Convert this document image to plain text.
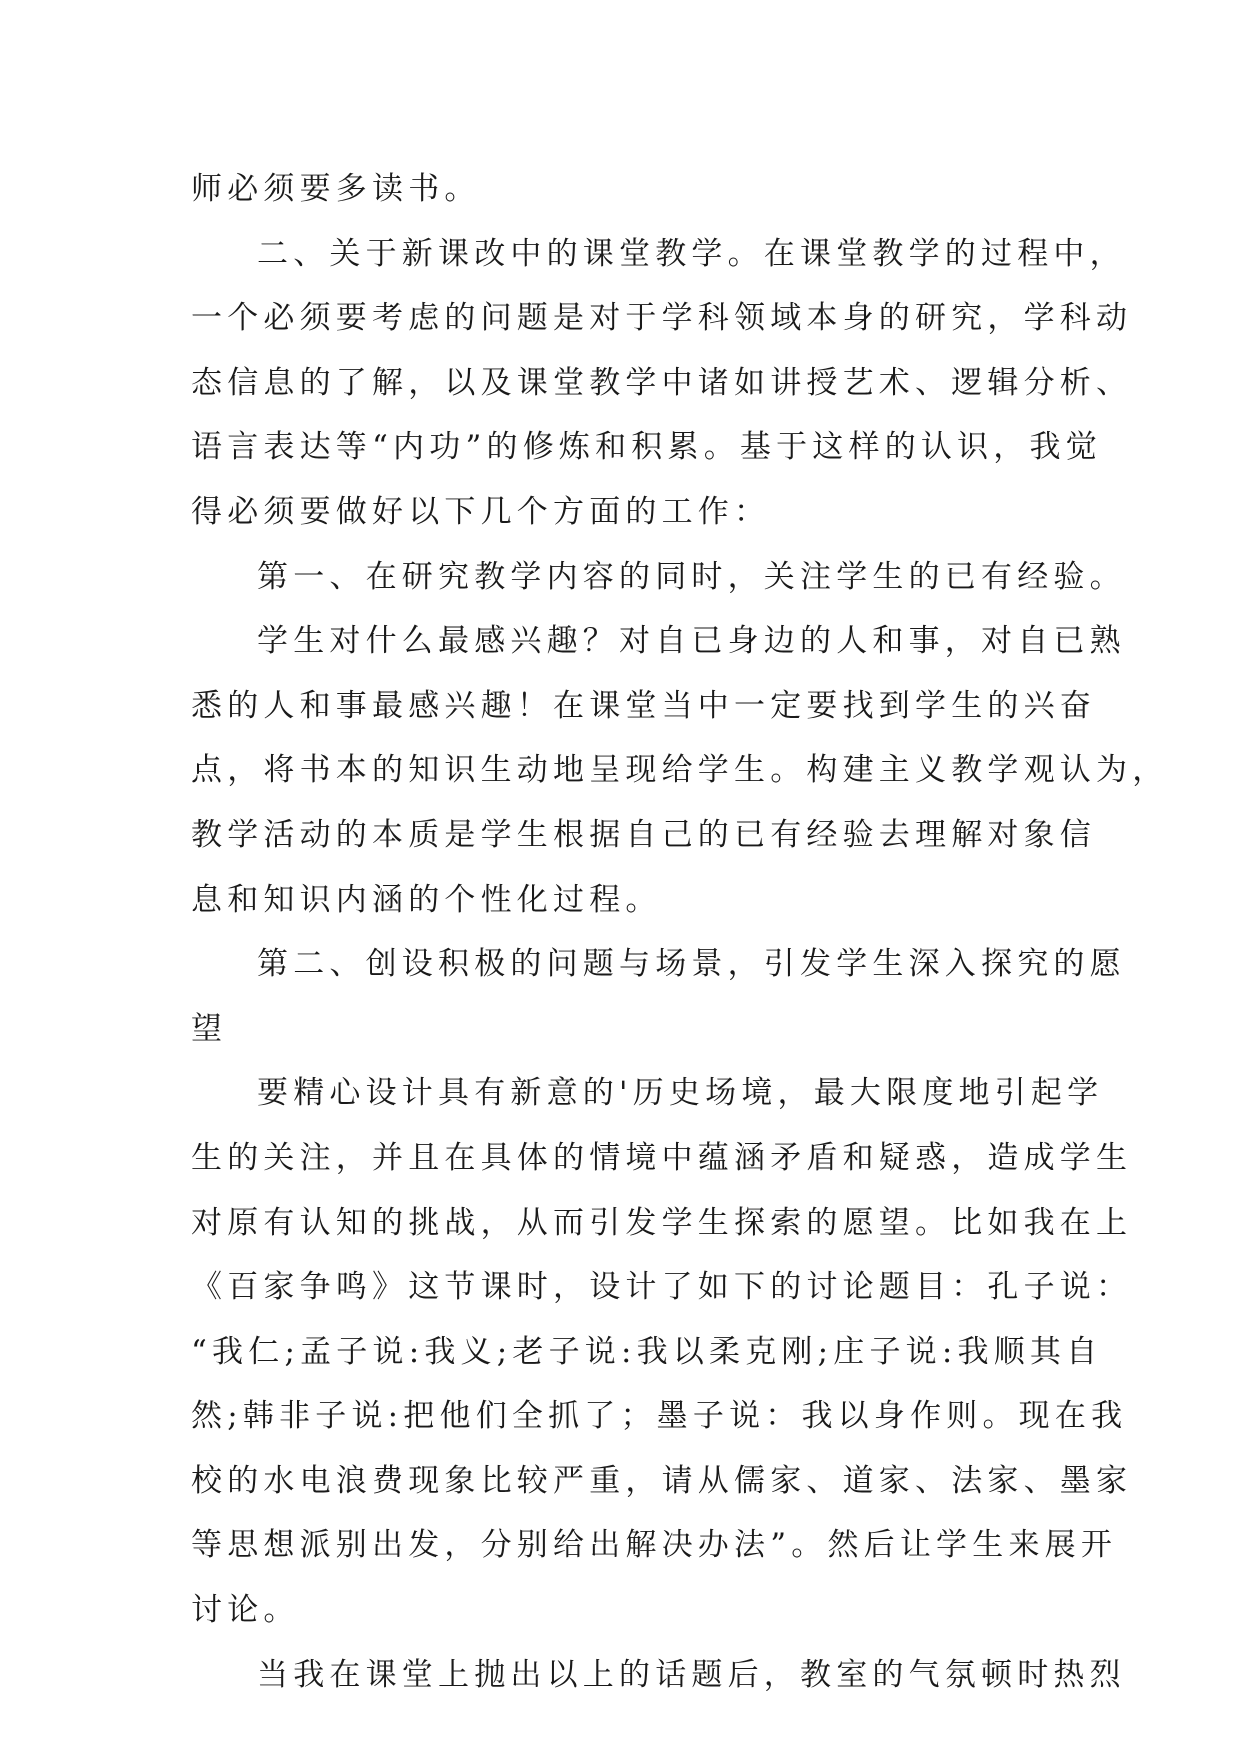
师必须要多读书。
二、关于新课改中的课堂教学。在课堂教学的过程中，
一个必须要考虑的问题是对于学科领域本身的研究，学科动
态信息的了解，以及课堂教学中诸如讲授艺术、逻辑分析、
语言表达等“内功”的修炼和积累。基于这样的认识，我觉
得必须要做好以下几个方面的工作：
第一、在研究教学内容的同时，关注学生的已有经验。
学生对什么最感兴趣？对自已身边的人和事，对自已熟
悉的人和事最感兴趣！在课堂当中一定要找到学生的兴奋
点，将书本的知识生动地呈现给学生。构建主义教学观认为，
教学活动的本质是学生根据自己的已有经验去理解对象信
息和知识内涵的个性化过程。
第二、创设积极的问题与场景，引发学生深入探究的愿
望
要精心设计具有新意的'历史场境，最大限度地引起学
生的关注，并且在具体的情境中蕴涵矛盾和疑惑，造成学生
对原有认知的挑战，从而引发学生探索的愿望。比如我在上
《百家争鸣》这节课时，设计了如下的讨论题目：孔子说：
“我仁;孟子说:我义;老子说:我以柔克刚;庄子说:我顺其自
然;韩非子说:把他们全抓了；墨子说：我以身作则。现在我
校的水电浪费现象比较严重，请从儒家、道家、法家、墨家
等思想派别出发，分别给出解决办法”。然后让学生来展开
讨论。
当我在课堂上抛出以上的话题后，教室的气氛顿时热烈
